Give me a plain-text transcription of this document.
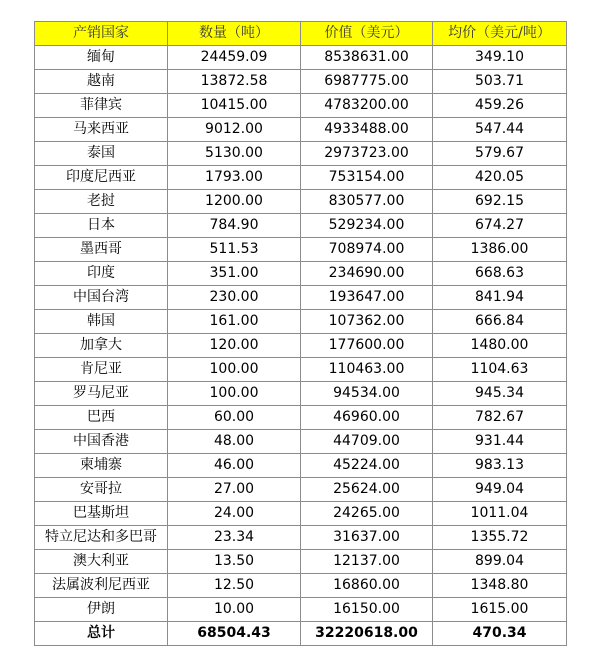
产销国家	数量（吨）	价值（美元）	均价（美元/吨）
缅甸	24459.09	8538631.00	349.10
越南	13872.58	6987775.00	503.71
菲律宾	10415.00	4783200.00	459.26
马来西亚	9012.00	4933488.00	547.44
泰国	5130.00	2973723.00	579.67
印度尼西亚	1793.00	753154.00	420.05
老挝	1200.00	830577.00	692.15
日本	784.90	529234.00	674.27
墨西哥	511.53	708974.00	1386.00
印度	351.00	234690.00	668.63
中国台湾	230.00	193647.00	841.94
韩国	161.00	107362.00	666.84
加拿大	120.00	177600.00	1480.00
肯尼亚	100.00	110463.00	1104.63
罗马尼亚	100.00	94534.00	945.34
巴西	60.00	46960.00	782.67
中国香港	48.00	44709.00	931.44
柬埔寨	46.00	45224.00	983.13
安哥拉	27.00	25624.00	949.04
巴基斯坦	24.00	24265.00	1011.04
特立尼达和多巴哥	23.34	31637.00	1355.72
澳大利亚	13.50	12137.00	899.04
法属波利尼西亚	12.50	16860.00	1348.80
伊朗	10.00	16150.00	1615.00
总计	68504.43	32220618.00	470.34
